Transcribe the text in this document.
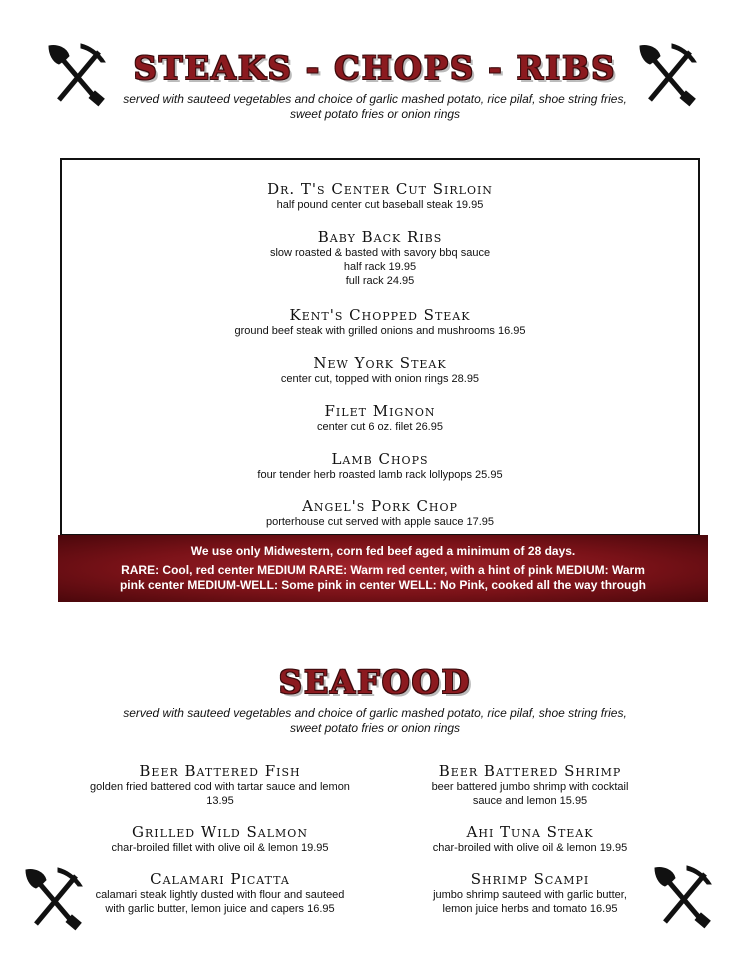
STEAKS - CHOPS - RIBS
served with sauteed vegetables and choice of garlic mashed potato, rice pilaf, shoe string fries,
sweet potato fries or onion rings
Dr. T's Center Cut Sirloin
half pound center cut baseball steak 19.95
Baby Back Ribs
slow roasted & basted with savory bbq sauce
half rack 19.95
full rack 24.95
Kent's Chopped Steak
ground beef steak with grilled onions and mushrooms 16.95
New York Steak
center cut, topped with onion rings 28.95
Filet Mignon
center cut 6 oz. filet 26.95
Lamb Chops
four tender herb roasted lamb rack lollypops 25.95
Angel's Pork Chop
porterhouse cut served with apple sauce 17.95
We use only Midwestern, corn fed beef aged a minimum of 28 days.
RARE: Cool, red center MEDIUM RARE: Warm red center, with a hint of pink MEDIUM: Warm
pink center MEDIUM-WELL: Some pink in center WELL: No Pink, cooked all the way through
SEAFOOD
served with sauteed vegetables and choice of garlic mashed potato, rice pilaf, shoe string fries,
sweet potato fries or onion rings
Beer Battered Fish
golden fried battered cod with tartar sauce and lemon
13.95
Grilled Wild Salmon
char-broiled fillet with olive oil & lemon 19.95
Calamari Picatta
calamari steak lightly dusted with flour and sauteed
with garlic butter, lemon juice and capers 16.95
Beer Battered Shrimp
beer battered jumbo shrimp with cocktail
sauce and lemon 15.95
Ahi Tuna Steak
char-broiled with olive oil & lemon 19.95
Shrimp Scampi
jumbo shrimp sauteed with garlic butter,
lemon juice herbs and tomato 16.95
